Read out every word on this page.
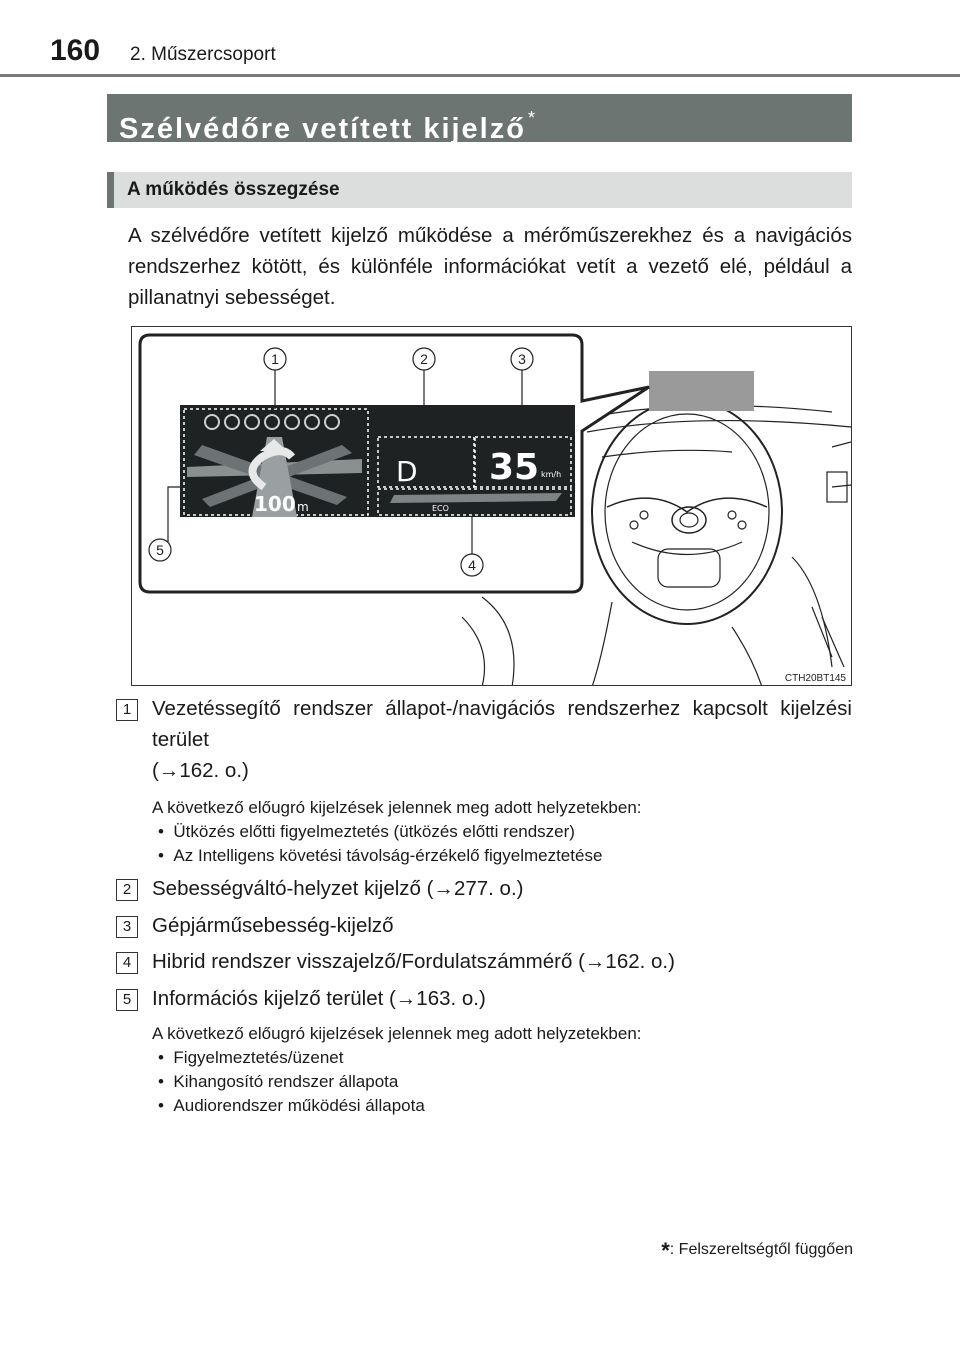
160 2. Műszercsoport
Szélvédőre vetített kijelző *
A működés összegzése
A szélvédőre vetített kijelző működése a mérőműszerekhez és a navigációs rendszerhez kötött, és különféle információkat vetít a vezető elé, például a pillanatnyi sebességet.
100 m
D 35 km/h
ECO
1	2	3
4
5
CTH20BT145
1	Vezetéssegítő rendszer állapot-/navigációs rendszerhez kapcsolt kijelzési terület
(→162. o.)
A következő előugró kijelzések jelennek meg adott helyzetekben:
•  Ütközés előtti figyelmeztetés (ütközés előtti rendszer)
•  Az Intelligens követési távolság-érzékelő figyelmeztetése
2	Sebességváltó-helyzet kijelző (→277. o.)
3	Gépjárműsebesség-kijelző
4	Hibrid rendszer visszajelző/Fordulatszámmérő (→162. o.)
5	Információs kijelző terület (→163. o.)
A következő előugró kijelzések jelennek meg adott helyzetekben:
•  Figyelmeztetés/üzenet
•  Kihangosító rendszer állapota
•  Audiorendszer működési állapota
*: Felszereltségtől függően
